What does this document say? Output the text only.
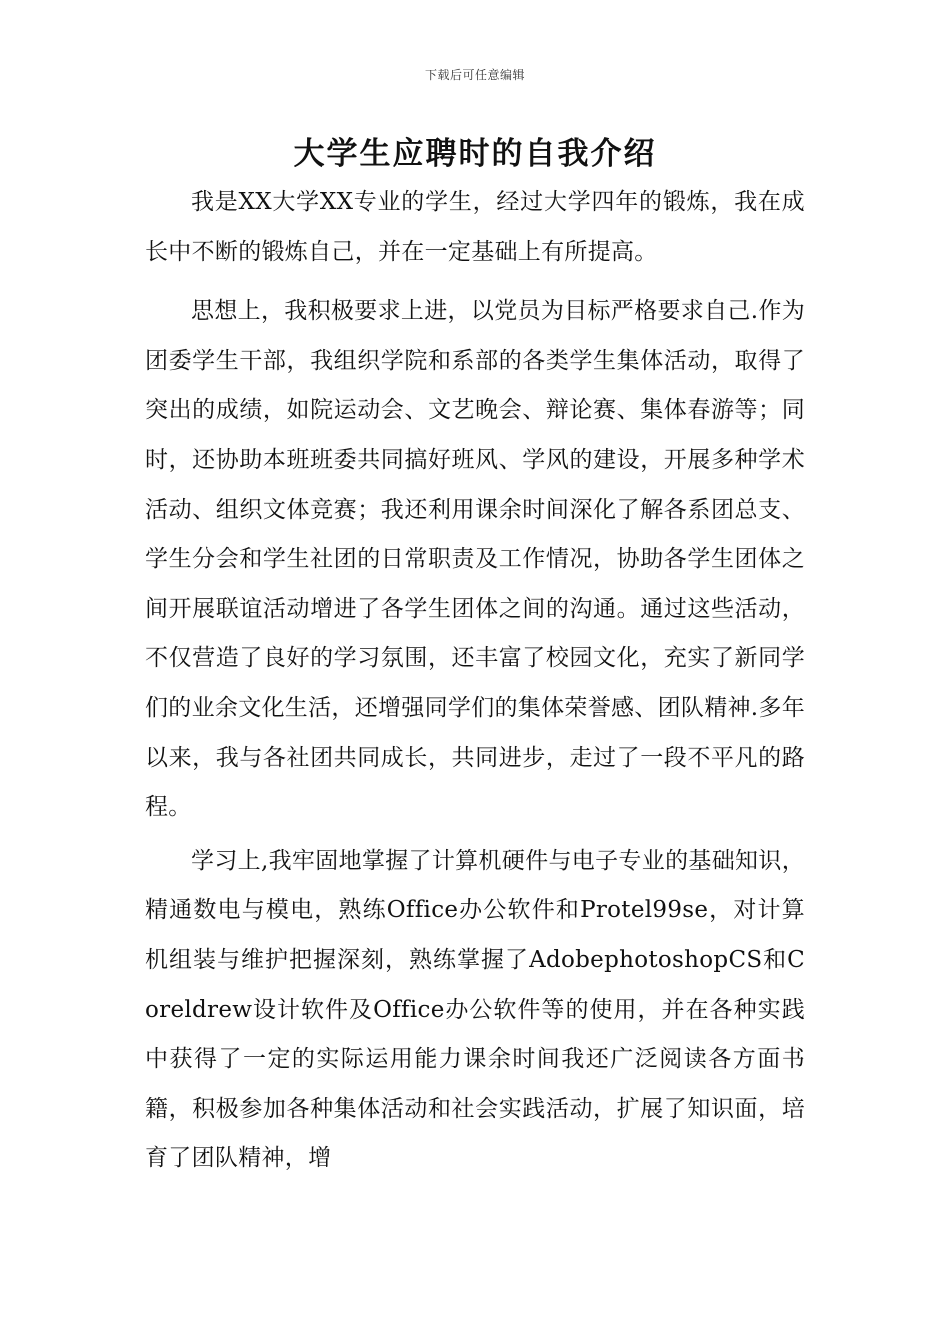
下载后可任意编辑
大学生应聘时的自我介绍

我是XX大学XX专业的学生，经过大学四年的锻炼，我在成长中不断的锻炼自己，并在一定基础上有所提高。

思想上，我积极要求上进，以党员为目标严格要求自己.作为团委学生干部，我组织学院和系部的各类学生集体活动，取得了突出的成绩，如院运动会、文艺晚会、辩论赛、集体春游等；同时，还协助本班班委共同搞好班风、学风的建设，开展多种学术活动、组织文体竞赛；我还利用课余时间深化了解各系团总支、学生分会和学生社团的日常职责及工作情况，协助各学生团体之间开展联谊活动增进了各学生团体之间的沟通。通过这些活动，不仅营造了良好的学习氛围，还丰富了校园文化，充实了新同学们的业余文化生活，还增强同学们的集体荣誉感、团队精神.多年以来，我与各社团共同成长，共同进步，走过了一段不平凡的路程。

学习上,我牢固地掌握了计算机硬件与电子专业的基础知识，精通数电与模电，熟练Office办公软件和Protel99se，对计算机组装与维护把握深刻，熟练掌握了AdobephotoshopCS和Coreldrew设计软件及Office办公软件等的使用，并在各种实践中获得了一定的实际运用能力课余时间我还广泛阅读各方面书籍，积极参加各种集体活动和社会实践活动，扩展了知识面，培育了团队精神，增
